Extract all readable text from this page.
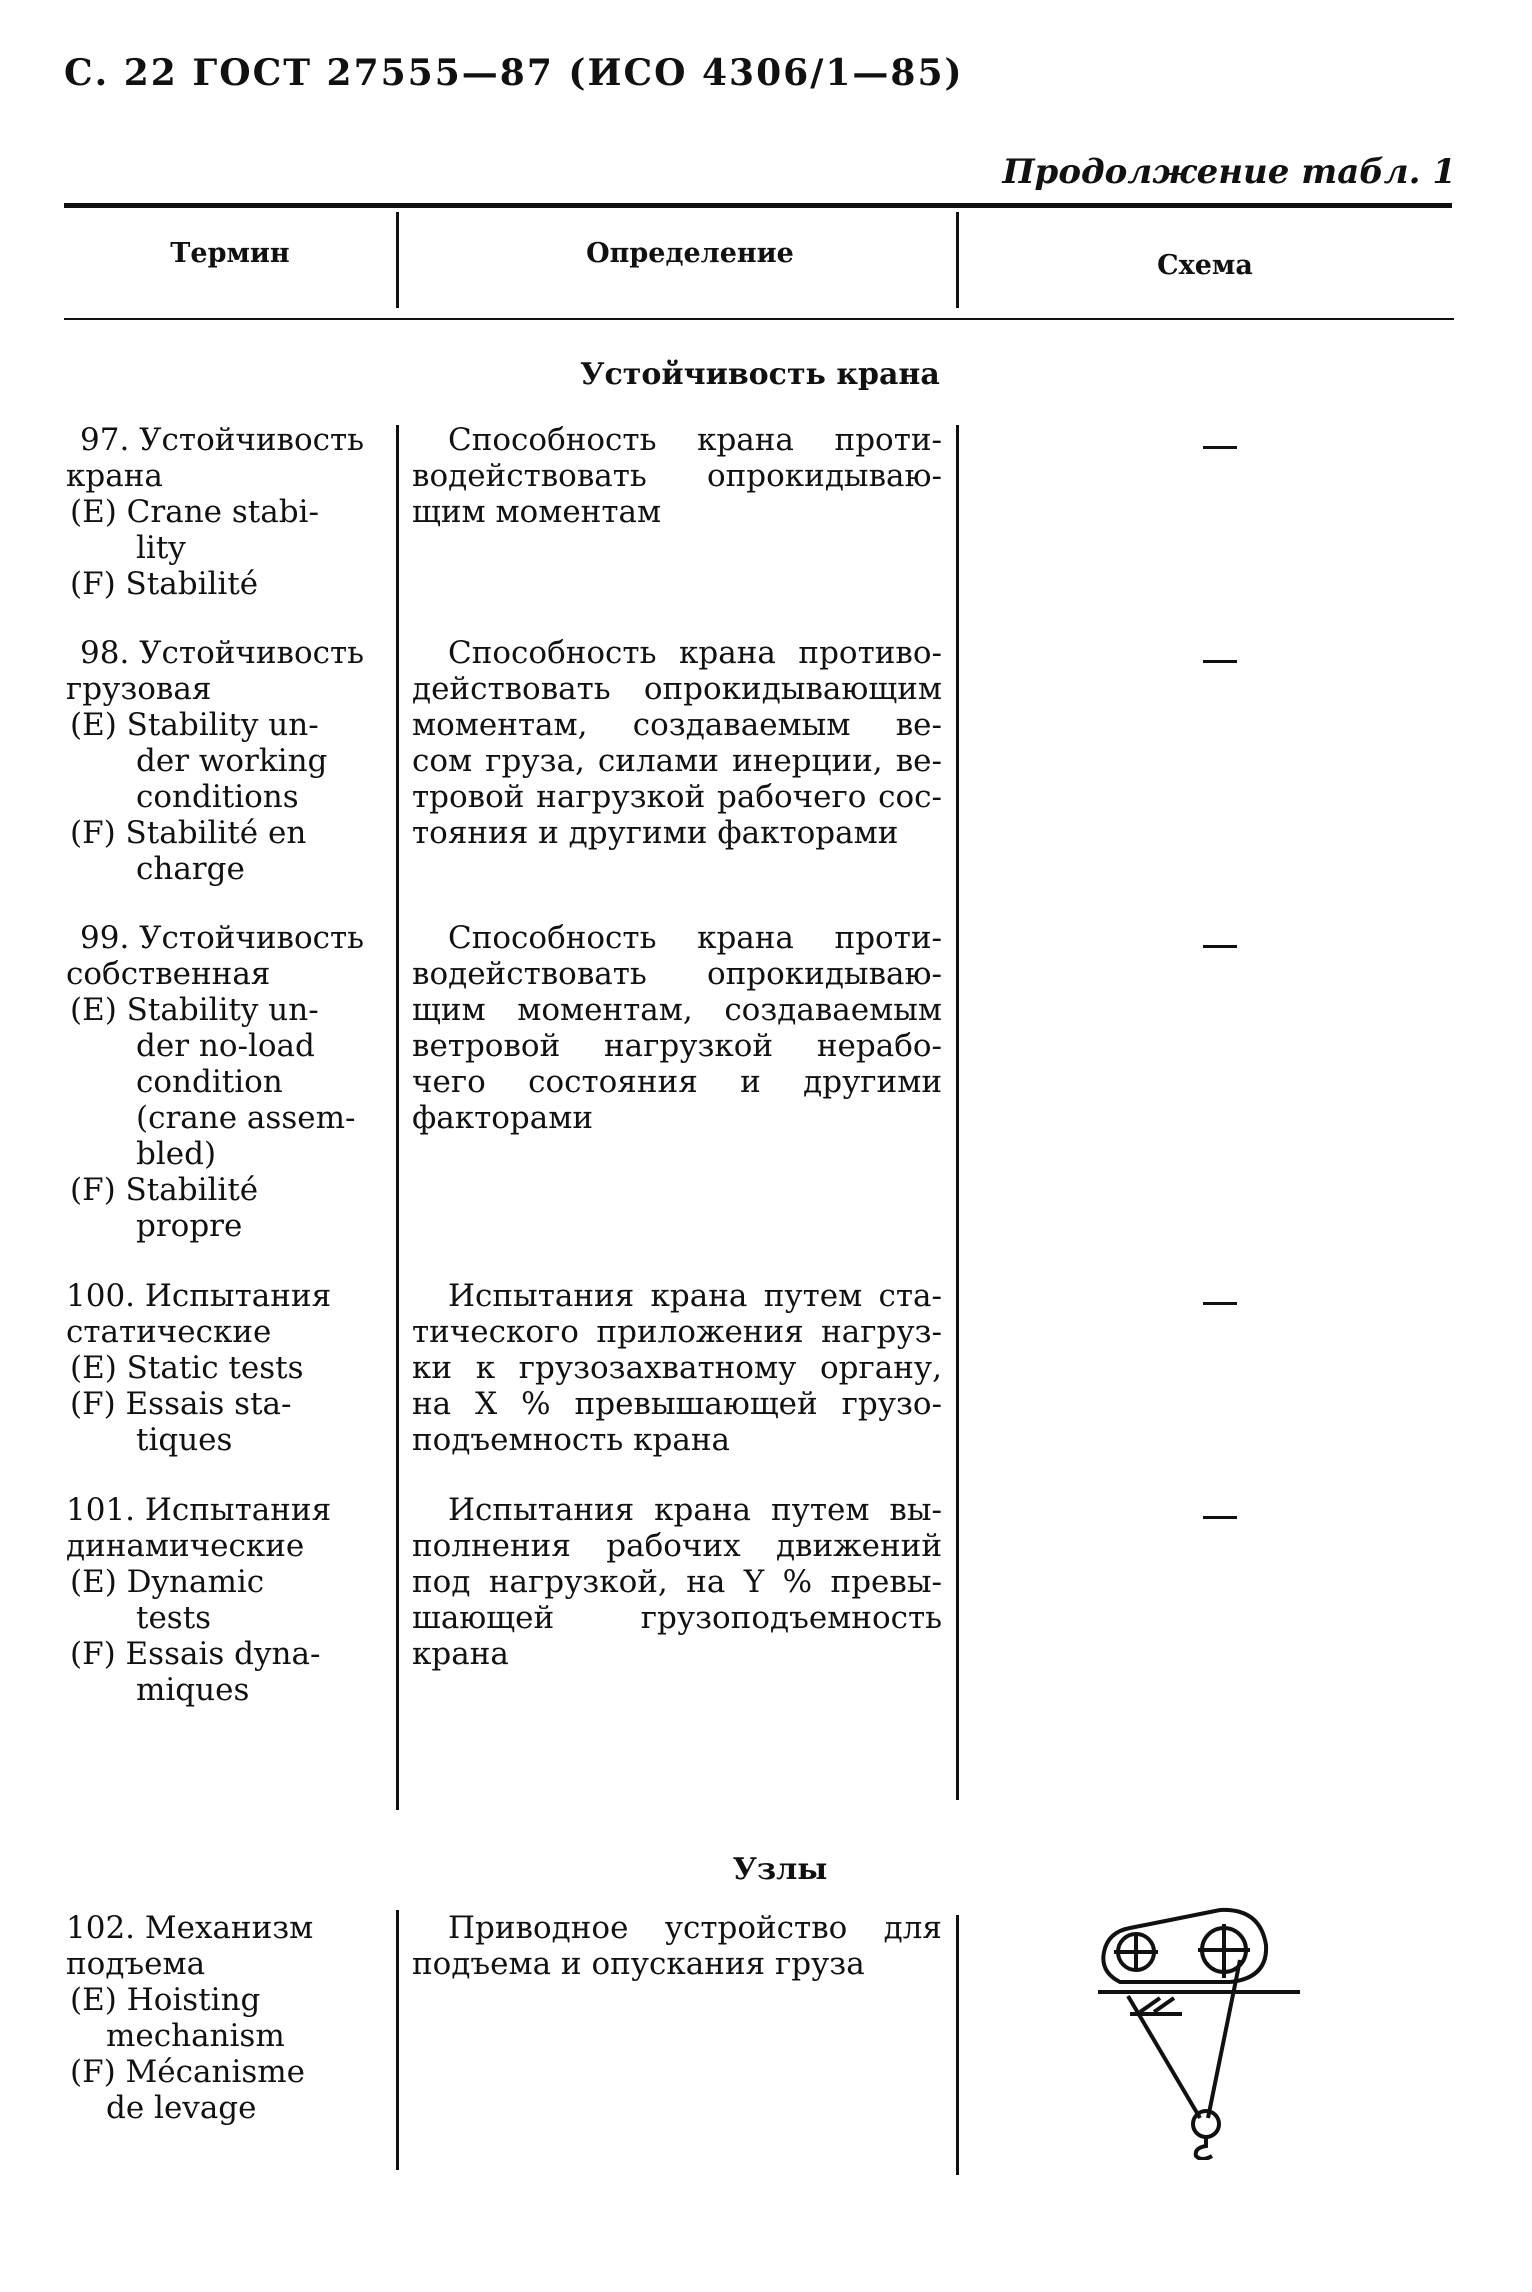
С. 22 ГОСТ 27555—87 (ИСО 4306/1—85)
Продолжение табл. 1
Термин	Определение	Схема
Устойчивость крана
97. Устойчивость
крана
(E) Crane stabi-
lity
(F) Stabilité
Способность крана проти-
водействовать опрокидываю-
щим моментам
98. Устойчивость
грузовая
(E) Stability un-
der working
conditions
(F) Stabilité en
charge
Способность крана противо-
действовать опрокидывающим
моментам, создаваемым ве-
сом груза, силами инерции, ве-
тровой нагрузкой рабочего сос-
тояния и другими факторами
99. Устойчивость
собственная
(E) Stability un-
der no-load
condition
(crane assem-
bled)
(F) Stabilité
propre
Способность крана проти-
водействовать опрокидываю-
щим моментам, создаваемым
ветровой нагрузкой нерабо-
чего состояния и другими
факторами
100. Испытания
статические
(E) Static tests
(F) Essais sta-
tiques
Испытания крана путем ста-
тического приложения нагруз-
ки к грузозахватному органу,
на X % превышающей грузо-
подъемность крана
101. Испытания
динамические
(E) Dynamic
tests
(F) Essais dyna-
miques
Испытания крана путем вы-
полнения рабочих движений
под нагрузкой, на Y % превы-
шающей грузоподъемность
крана
Узлы
102. Механизм
подъема
(E) Hoisting
mechanism
(F) Mécanisme
de levage
Приводное устройство для
подъема и опускания груза
